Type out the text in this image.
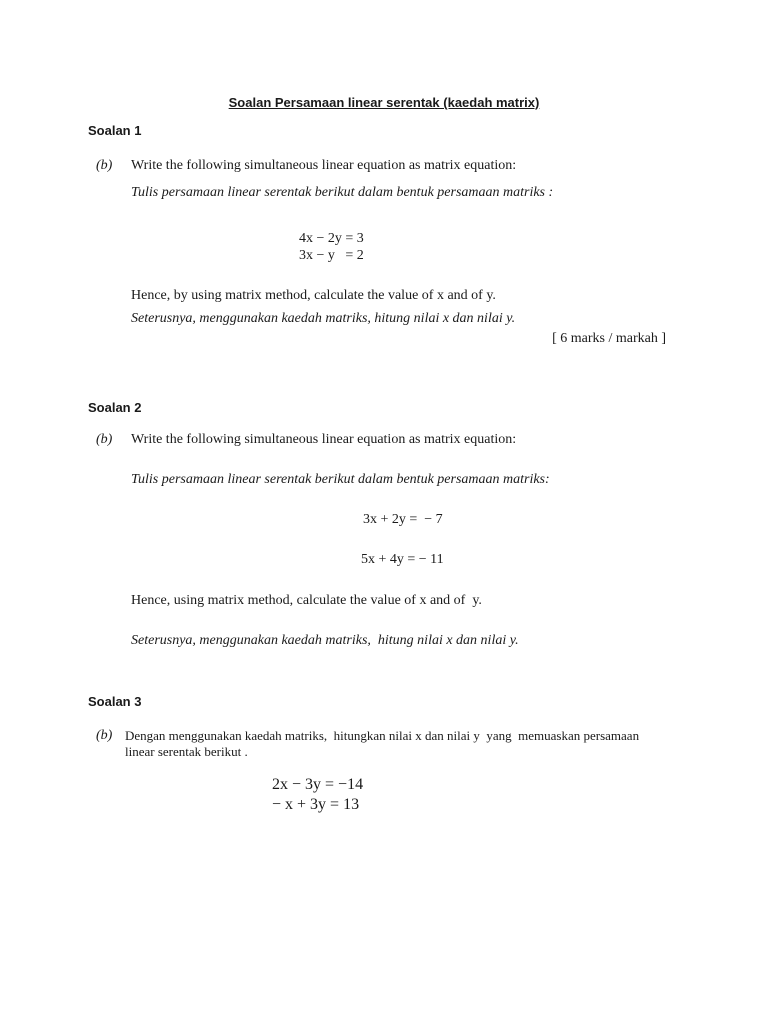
Soalan Persamaan linear serentak (kaedah matrix)
Soalan 1
(b) Write the following simultaneous linear equation as matrix equation:
Tulis persamaan linear serentak berikut dalam bentuk persamaan matriks :
4x − 2y = 3
3x − y   = 2
Hence, by using matrix method, calculate the value of x and of y.
Seterusnya, menggunakan kaedah matriks, hitung nilai x dan nilai y.
[ 6 marks / markah ]
Soalan 2
(b) Write the following simultaneous linear equation as matrix equation:
Tulis persamaan linear serentak berikut dalam bentuk persamaan matriks:
3x + 2y =  − 7
5x + 4y = − 11
Hence, using matrix method, calculate the value of x and of  y.
Seterusnya, menggunakan kaedah matriks,  hitung nilai x dan nilai y.
Soalan 3
(b) Dengan menggunakan kaedah matriks,  hitungkan nilai x dan nilai y  yang  memuaskan persamaan
linear serentak berikut .
2x − 3y = −14
− x + 3y = 13
